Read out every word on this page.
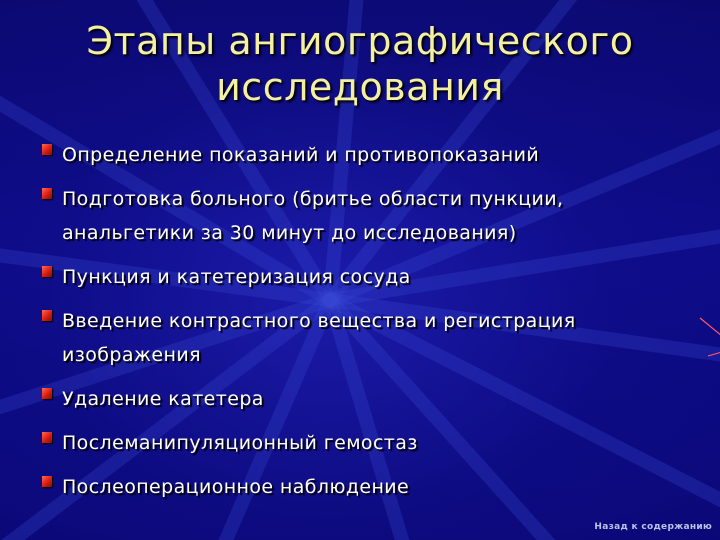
Этапы ангиографического исследования
Определение показаний и противопоказаний
Подготовка больного (бритье области пункции, анальгетики за 30 минут до исследования)
Пункция и катетеризация сосуда
Введение контрастного вещества и регистрация изображения
Удаление катетера
Послеманипуляционный гемостаз
Послеоперационное наблюдение
Назад к содержанию
